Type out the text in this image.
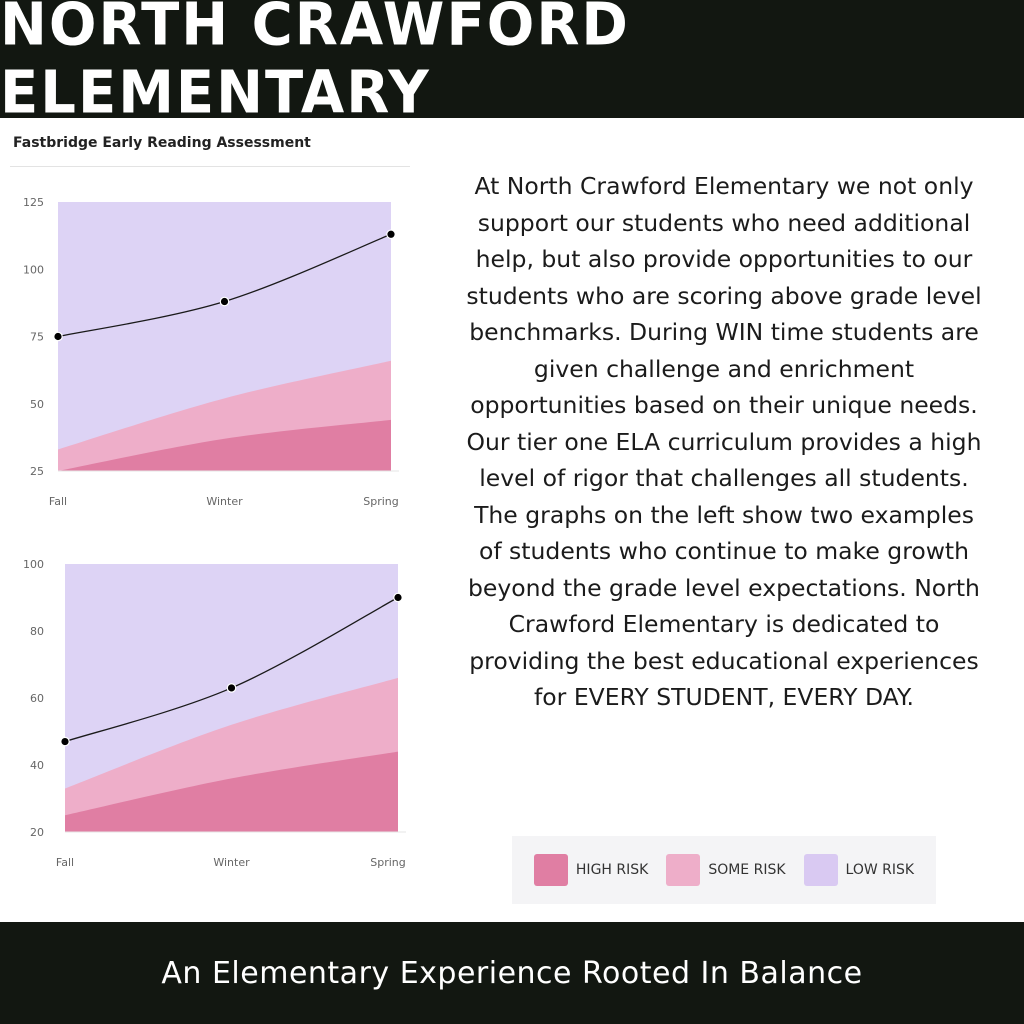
NORTH CRAWFORD ELEMENTARY
Fastbridge Early Reading Assessment
25
50
75
100
125
Fall	Winter	Spring
20
40
60
80
100
Fall	Winter	Spring
At North Crawford Elementary we not only support our students who need additional help, but also provide opportunities to our students who are scoring above grade level benchmarks. During WIN time students are given challenge and enrichment opportunities based on their unique needs. Our tier one ELA curriculum provides a high level of rigor that challenges all students. The graphs on the left show two examples of students who continue to make growth beyond the grade level expectations. North Crawford Elementary is dedicated to providing the best educational experiences for EVERY STUDENT, EVERY DAY.
HIGH RISK	SOME RISK	LOW RISK
An Elementary Experience Rooted In Balance
